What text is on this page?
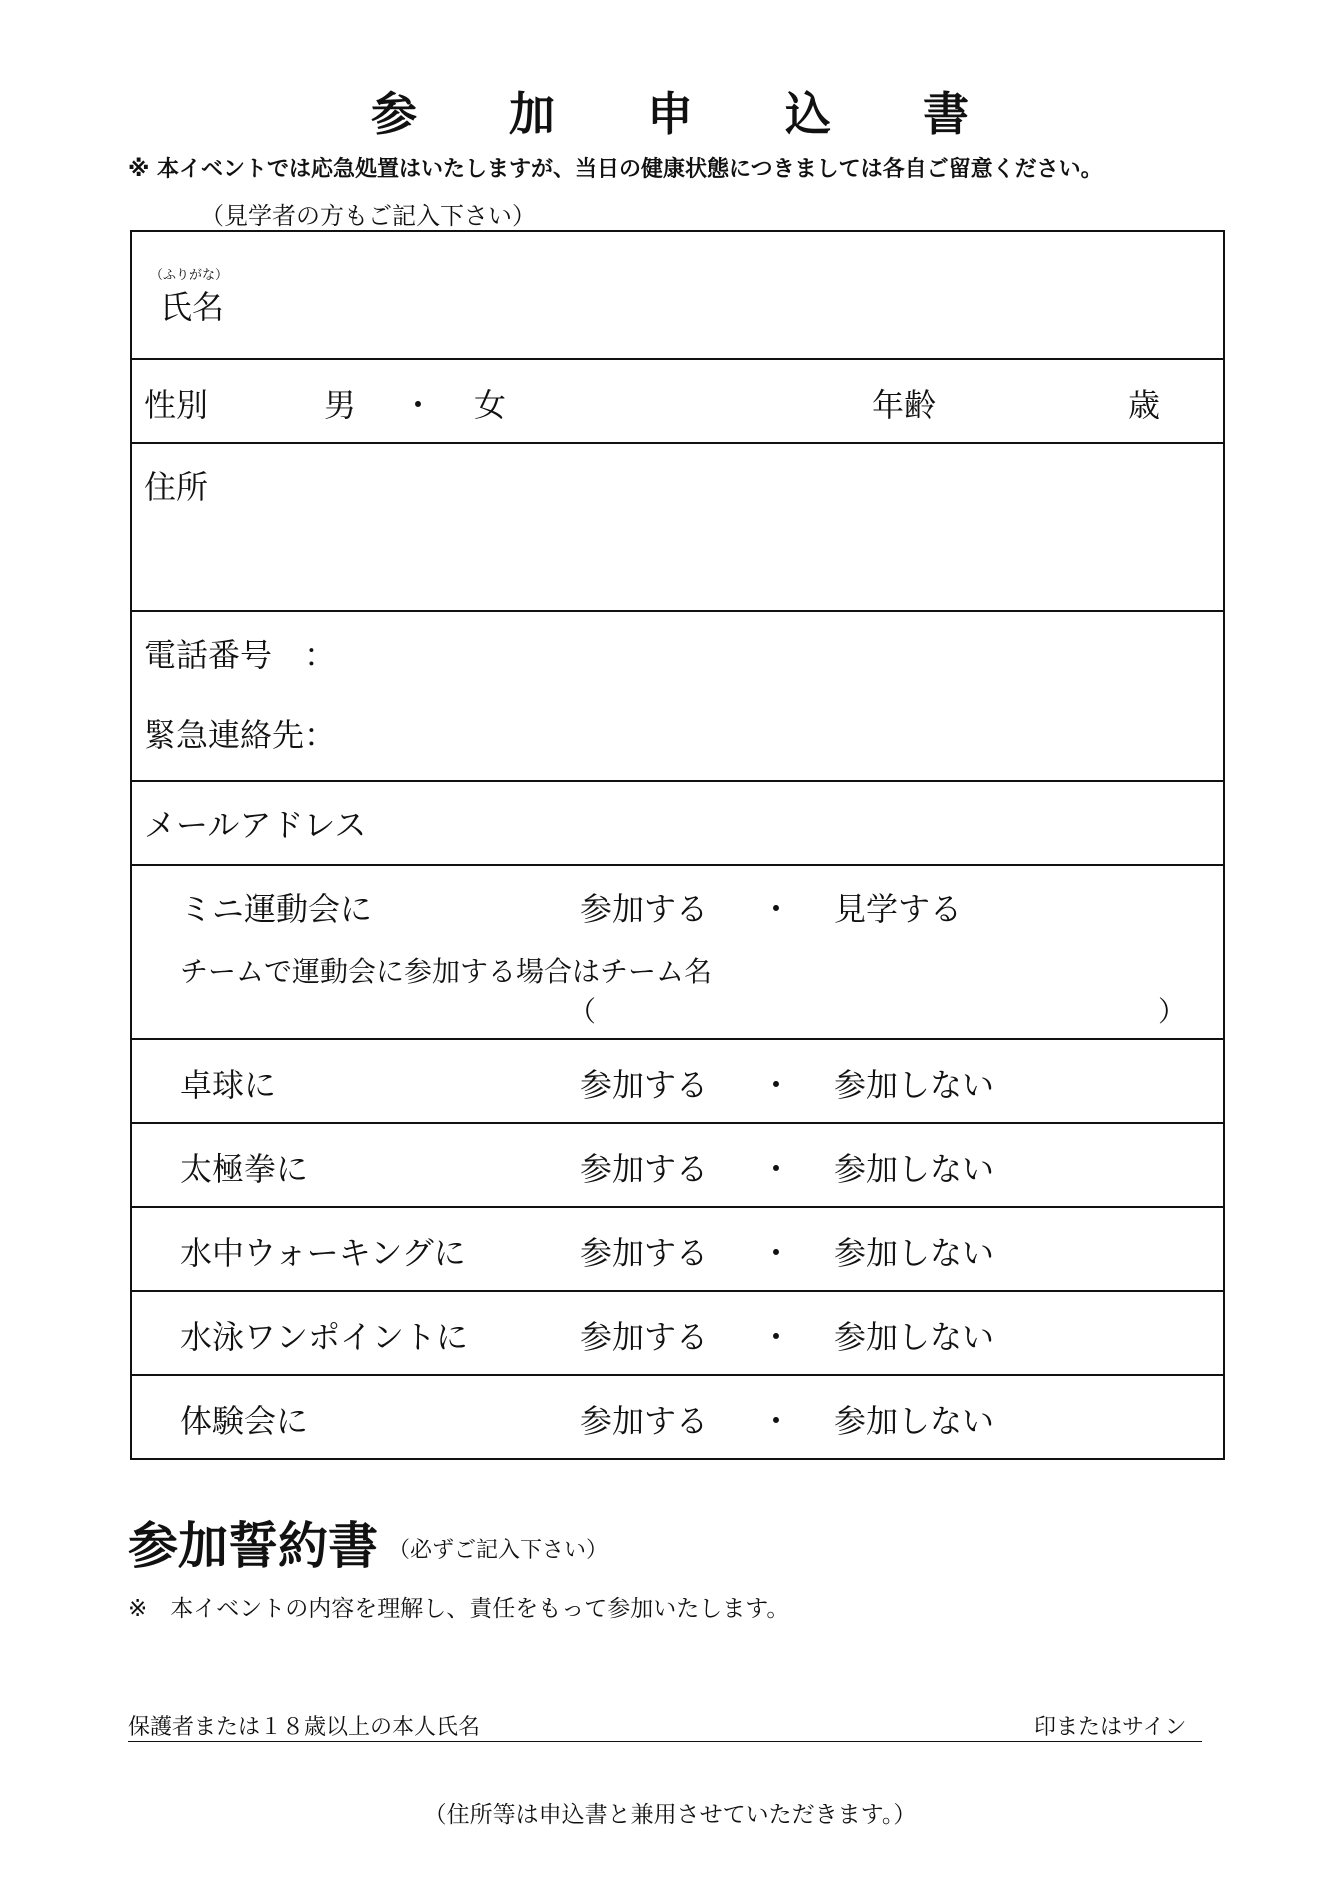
参 加 申 込 書
※ 本イベントでは応急処置はいたしますが、当日の健康状態につきましては各自ご留意ください。
（見学者の方もご記入下さい）
（ふりがな）
氏名
性別	男 ・ 女	年齢	歳
住所
電話番号　：
緊急連絡先：
メールアドレス
ミニ運動会に	参加する ・ 見学する
チームで運動会に参加する場合はチーム名
（	）
卓球に	参加する ・ 参加しない
太極拳に	参加する ・ 参加しない
水中ウォーキングに	参加する ・ 参加しない
水泳ワンポイントに	参加する ・ 参加しない
体験会に	参加する ・ 参加しない
参加誓約書 （必ずご記入下さい）
※　本イベントの内容を理解し、責任をもって参加いたします。
保護者または１８歳以上の本人氏名	印またはサイン
（住所等は申込書と兼用させていただきます。）
